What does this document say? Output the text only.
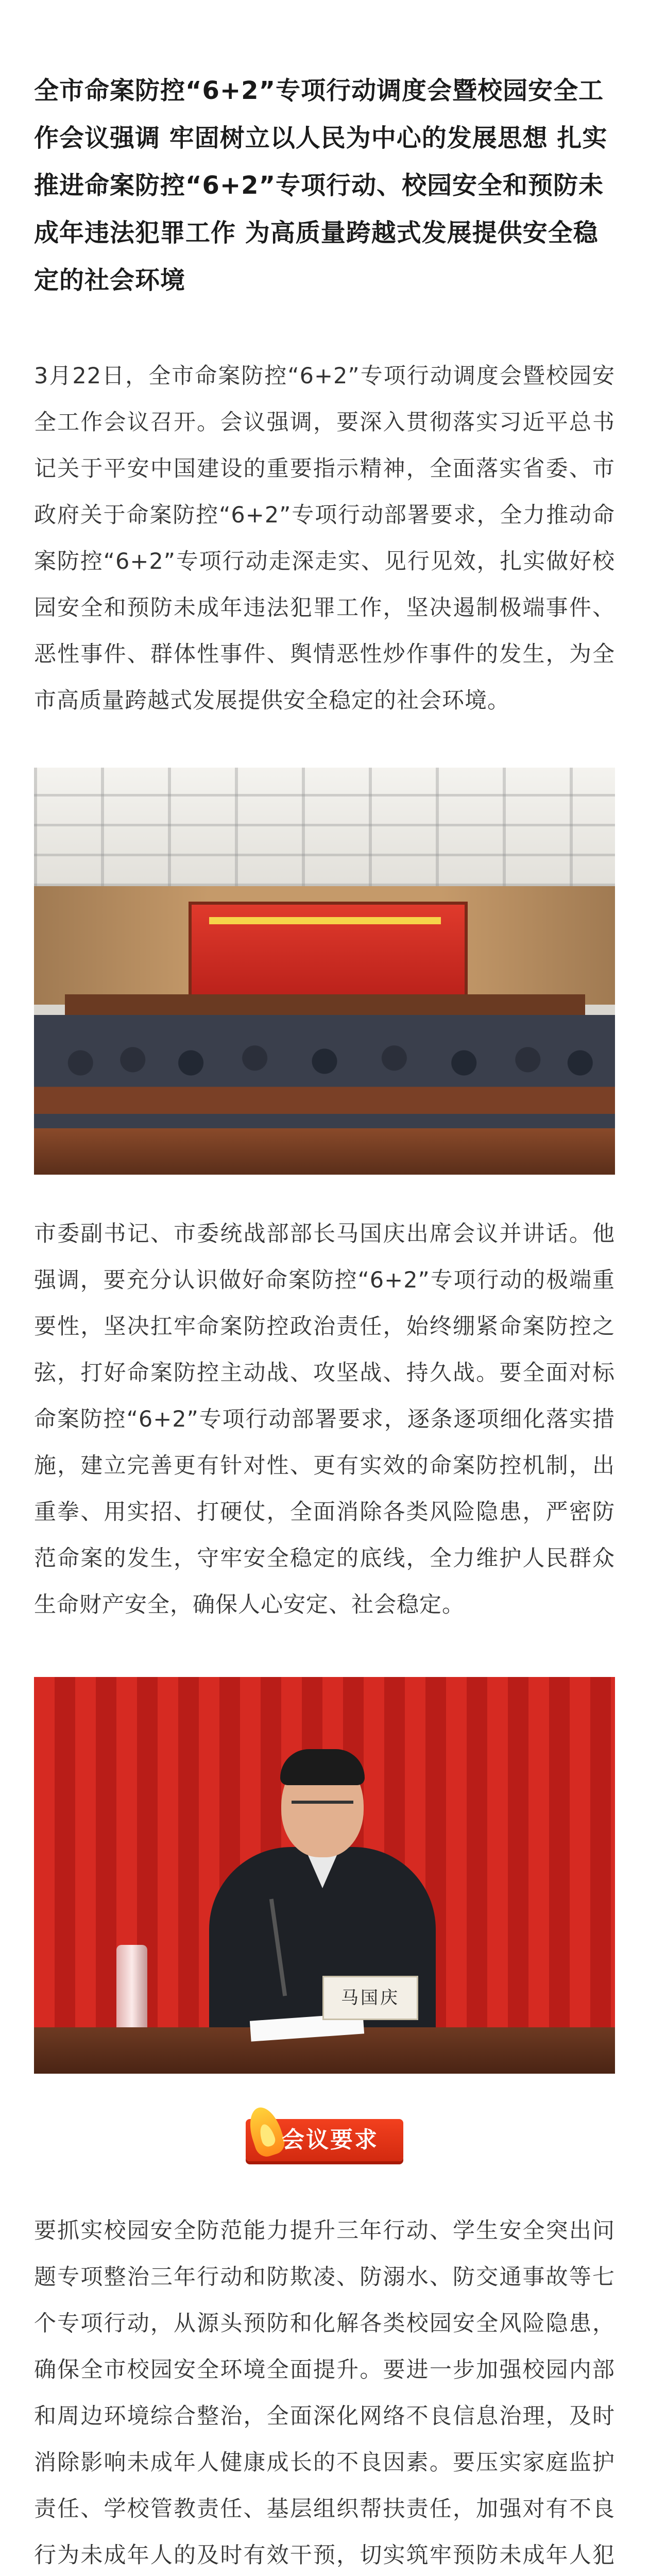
全市命案防控“6+2”专项行动调度会暨校园安全工作会议强调 牢固树立以人民为中心的发展思想 扎实推进命案防控“6+2”专项行动、校园安全和预防未成年违法犯罪工作 为高质量跨越式发展提供安全稳定的社会环境

3月22日，全市命案防控“6+2”专项行动调度会暨校园安全工作会议召开。会议强调，要深入贯彻落实习近平总书记关于平安中国建设的重要指示精神，全面落实省委、市政府关于命案防控“6+2”专项行动部署要求，全力推动命案防控“6+2”专项行动走深走实、见行见效，扎实做好校园安全和预防未成年违法犯罪工作，坚决遏制极端事件、恶性事件、群体性事件、舆情恶性炒作事件的发生，为全市高质量跨越式发展提供安全稳定的社会环境。

市委副书记、市委统战部部长马国庆出席会议并讲话。他强调，要充分认识做好命案防控“6+2”专项行动的极端重要性，坚决扛牢命案防控政治责任，始终绷紧命案防控之弦，打好命案防控主动战、攻坚战、持久战。要全面对标命案防控“6+2”专项行动部署要求，逐条逐项细化落实措施，建立完善更有针对性、更有实效的命案防控机制，出重拳、用实招、打硬仗，全面消除各类风险隐患，严密防范命案的发生，守牢安全稳定的底线，全力维护人民群众生命财产安全，确保人心安定、社会稳定。

马国庆
会议要求

要抓实校园安全防范能力提升三年行动、学生安全突出问题专项整治三年行动和防欺凌、防溺水、防交通事故等七个专项行动，从源头预防和化解各类校园安全风险隐患，确保全市校园安全环境全面提升。要进一步加强校园内部和周边环境综合整治，全面深化网络不良信息治理，及时消除影响未成年人健康成长的不良因素。要压实家庭监护责任、学校管教责任、基层组织帮扶责任，加强对有不良行为未成年人的及时有效干预，切实筑牢预防未成年人犯
